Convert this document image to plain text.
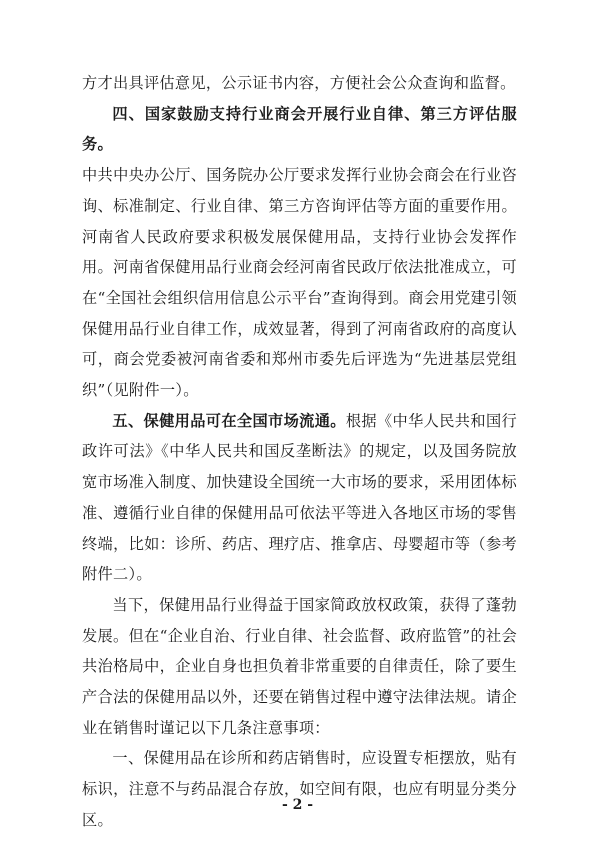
方才出具评估意见，公示证书内容，方便社会公众查询和监督。

四、国家鼓励支持行业商会开展行业自律、第三方评估服务。

中共中央办公厅、国务院办公厅要求发挥行业协会商会在行业咨询、标准制定、行业自律、第三方咨询评估等方面的重要作用。河南省人民政府要求积极发展保健用品，支持行业协会发挥作用。河南省保健用品行业商会经河南省民政厅依法批准成立，可在“全国社会组织信用信息公示平台”查询得到。商会用党建引领保健用品行业自律工作，成效显著，得到了河南省政府的高度认可，商会党委被河南省委和郑州市委先后评选为“先进基层党组织”（见附件一）。

五、保健用品可在全国市场流通。根据《中华人民共和国行政许可法》《中华人民共和国反垄断法》的规定，以及国务院放宽市场准入制度、加快建设全国统一大市场的要求，采用团体标准、遵循行业自律的保健用品可依法平等进入各地区市场的零售终端，比如：诊所、药店、理疗店、推拿店、母婴超市等（参考附件二）。

当下，保健用品行业得益于国家简政放权政策，获得了蓬勃发展。但在“企业自治、行业自律、社会监督、政府监管”的社会共治格局中，企业自身也担负着非常重要的自律责任，除了要生产合法的保健用品以外，还要在销售过程中遵守法律法规。请企业在销售时谨记以下几条注意事项：

一、保健用品在诊所和药店销售时，应设置专柜摆放，贴有标识，注意不与药品混合存放，如空间有限，也应有明显分类分区。

- 2 -
